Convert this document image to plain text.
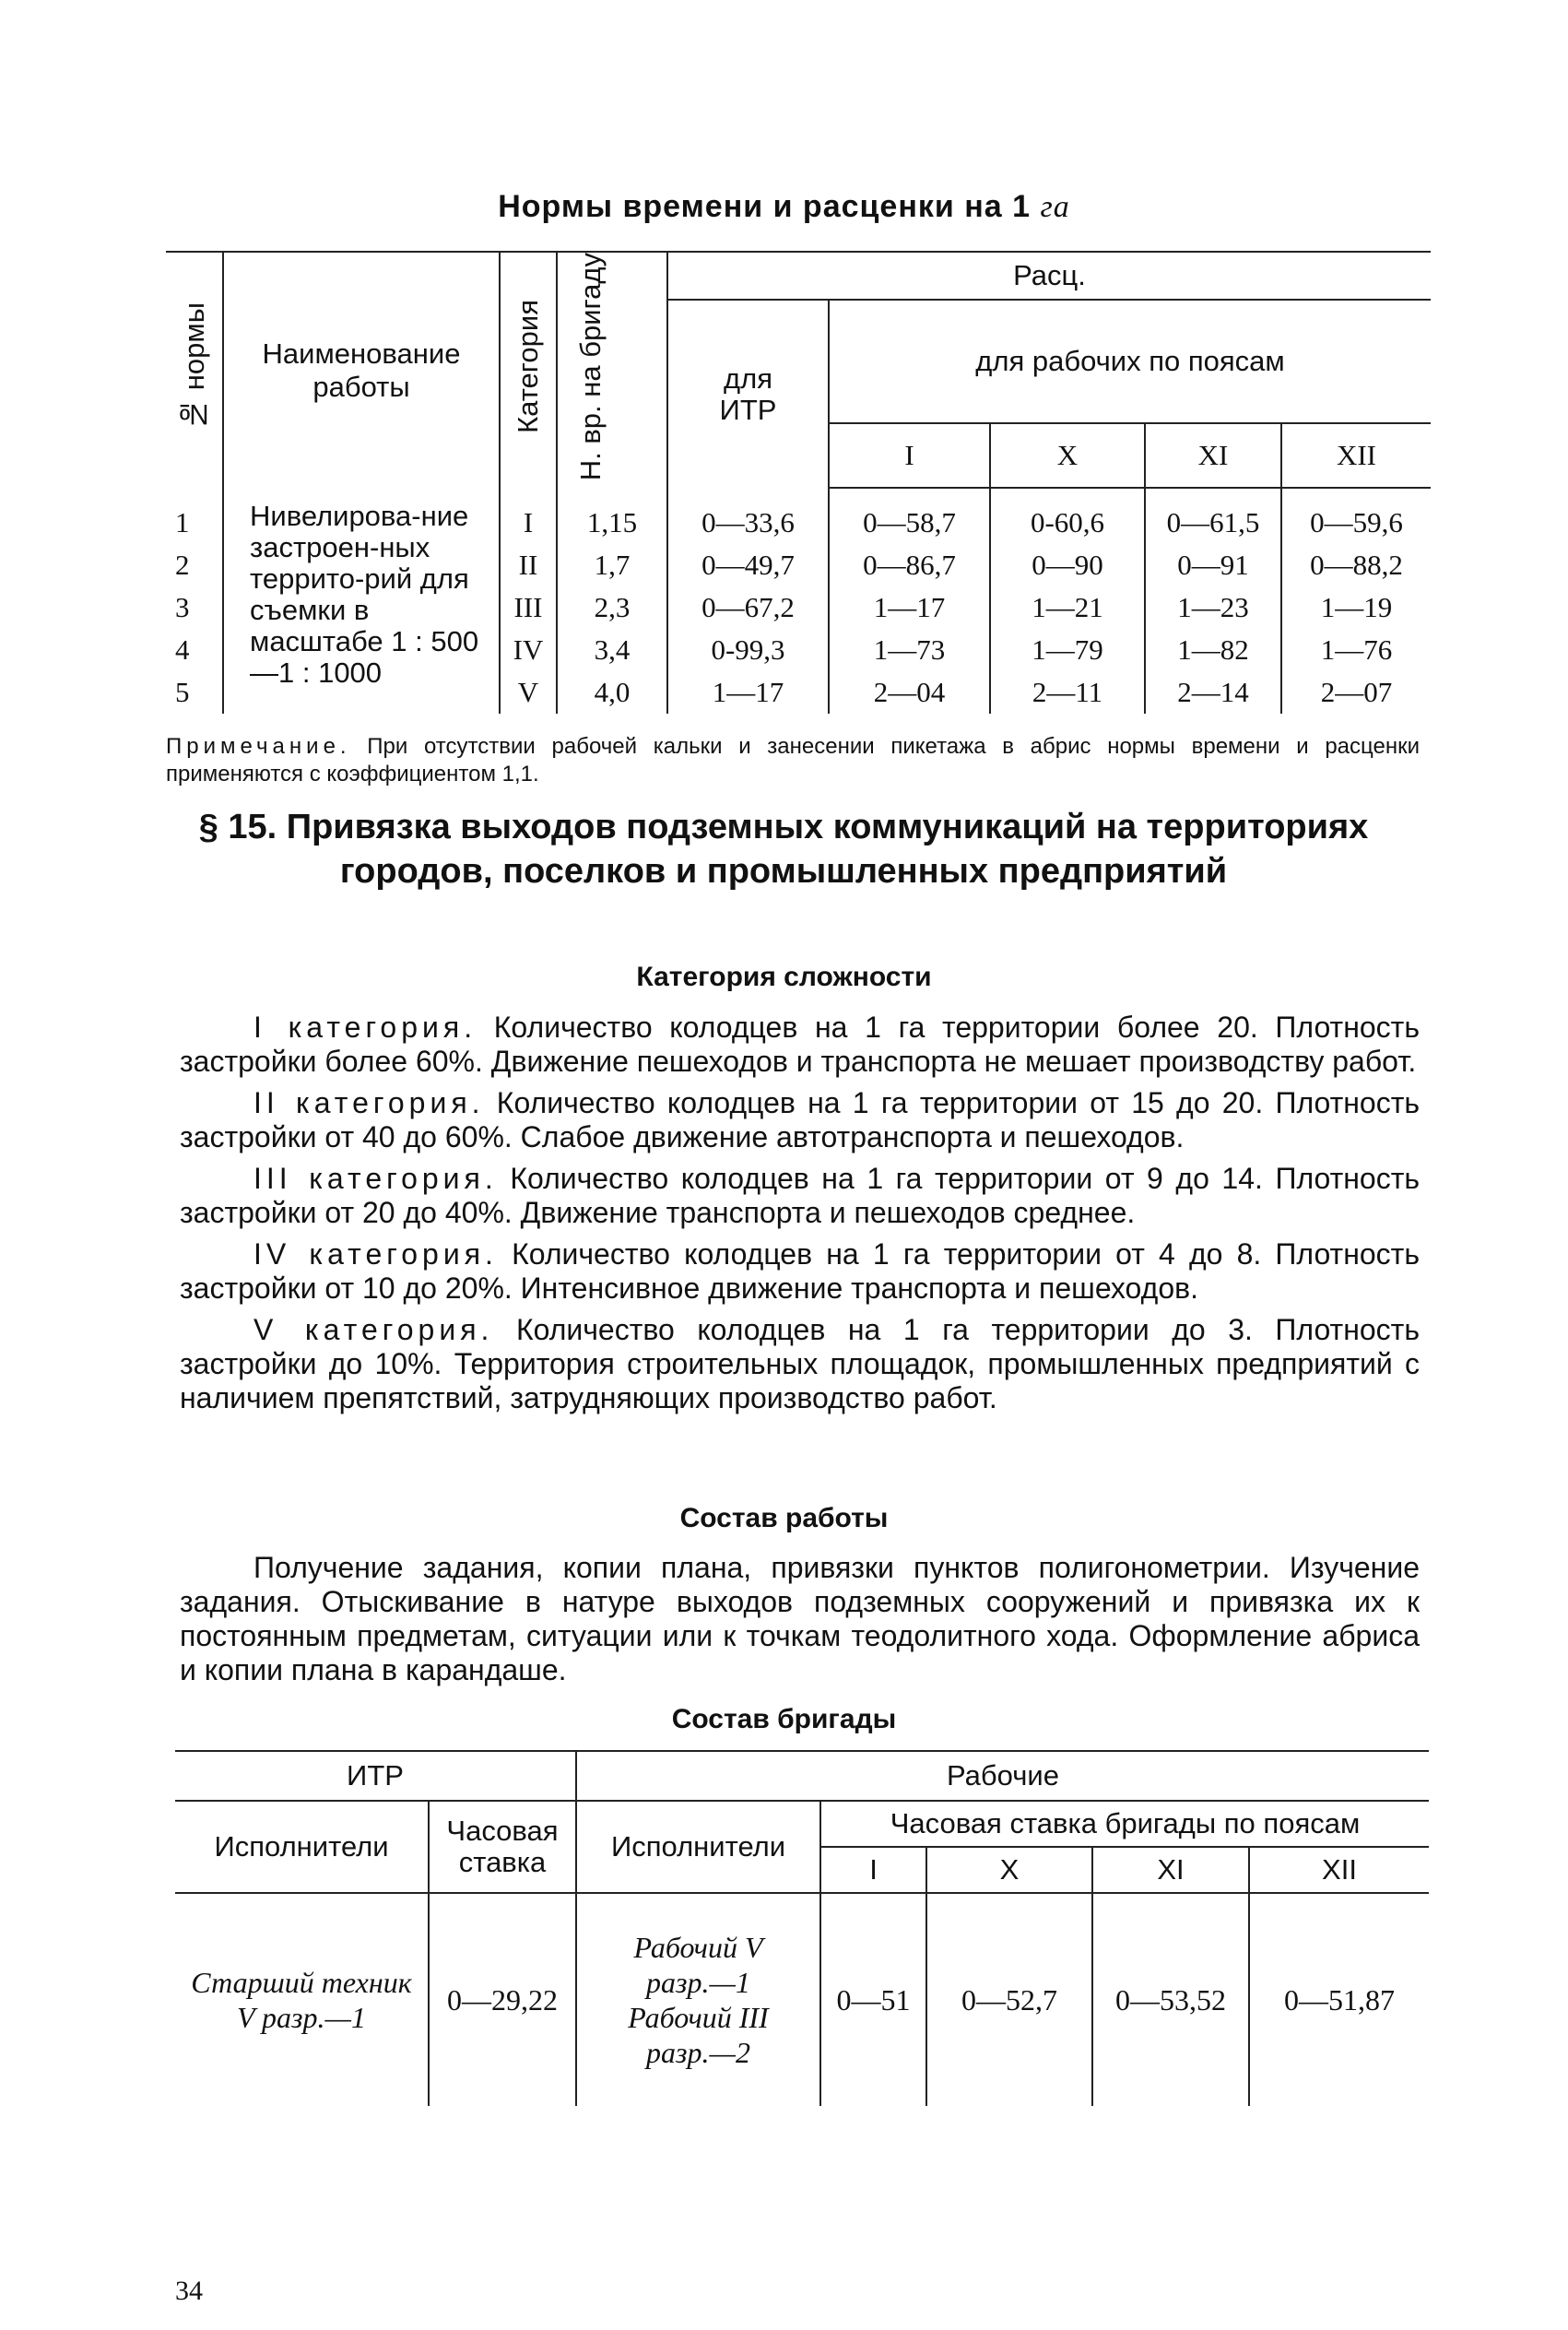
Нормы времени и расценки на 1 га
№ нормы	Наименование работы	Категория	Н. вр. на бригаду	Расц.				
				для ИТР	для рабочих по поясам			
					I	X	XI	XII
1	Нивелирова-ние застроен-ных террито-рий для съемки в масштабе 1 : 500—1 : 1000	I	1,15	0—33,6	0—58,7	0-60,6	0—61,5	0—59,6
2		II	1,7	0—49,7	0—86,7	0—90	0—91	0—88,2
3		III	2,3	0—67,2	1—17	1—21	1—23	1—19
4		IV	3,4	0-99,3	1—73	1—79	1—82	1—76
5		V	4,0	1—17	2—04	2—11	2—14	2—07
Примечание. При отсутствии рабочей кальки и занесении пикетажа в абрис нормы времени и расценки применяются с коэффициентом 1,1.
§ 15. Привязка выходов подземных коммуникаций на территориях городов, поселков и промышленных предприятий
Категория сложности

I категория. Количество колодцев на 1 га территории более 20. Плотность застройки более 60%. Движение пешеходов и транспорта не мешает производству работ.

II категория. Количество колодцев на 1 га территории от 15 до 20. Плотность застройки от 40 до 60%. Слабое движение автотранспорта и пешеходов.

III категория. Количество колодцев на 1 га территории от 9 до 14. Плотность застройки от 20 до 40%. Движение транспорта и пешеходов среднее.

IV категория. Количество колодцев на 1 га территории от 4 до 8. Плотность застройки от 10 до 20%. Интенсивное движение транспорта и пешеходов.

V категория. Количество колодцев на 1 га территории до 3. Плотность застройки до 10%. Территория строительных площадок, промышленных предприятий с наличием препятствий, затрудняющих производство работ.

Состав работы

Получение задания, копии плана, привязки пунктов полигонометрии. Изучение задания. Отыскивание в натуре выходов подземных сооружений и привязка их к постоянным предметам, ситуации или к точкам теодолитного хода. Оформление абриса и копии плана в карандаше.

Состав бригады
ИТР		Рабочие				
Исполнители	Часовая ставка	Исполнители	Часовая ставка бригады по поясам			
			I	X	XI	XII
Старший техник V разр.—1	0—29,22	Рабочий V разр.—1 Рабочий III разр.—2	0—51	0—52,7	0—53,52	0—51,87
34
